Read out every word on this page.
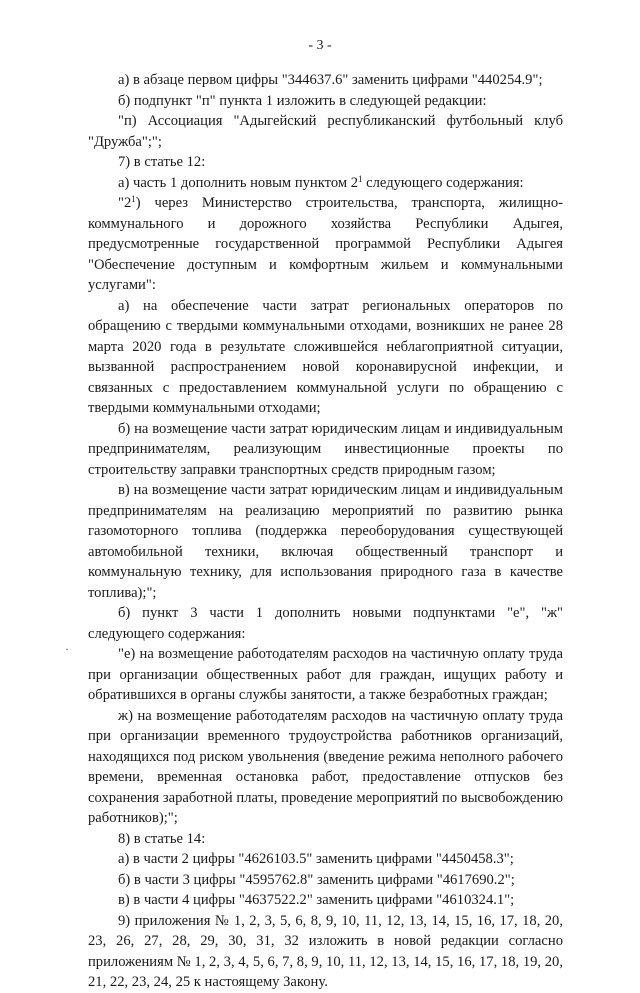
- 3 -
·

а) в абзаце первом цифры "344637.6" заменить цифрами "440254.9";

б) подпункт "п" пункта 1 изложить в следующей редакции:

"п) Ассоциация "Адыгейский республиканский футбольный клуб "Дружба";";

7) в статье 12:

а) часть 1 дополнить новым пунктом $2^1$ следующего содержания:

"$2^1$) через Министерство строительства, транспорта, жилищно-коммунального и дорожного хозяйства Республики Адыгея, предусмотренные государственной программой Республики Адыгея "Обеспечение доступным и комфортным жильем и коммунальными услугами":

а) на обеспечение части затрат региональных операторов по обращению с твердыми коммунальными отходами, возникших не ранее 28 марта 2020 года в результате сложившейся неблагоприятной ситуации, вызванной распространением новой коронавирусной инфекции, и связанных с предоставлением коммунальной услуги по обращению с твердыми коммунальными отходами;

б) на возмещение части затрат юридическим лицам и индивидуальным предпринимателям, реализующим инвестиционные проекты по строительству заправки транспортных средств природным газом;

в) на возмещение части затрат юридическим лицам и индивидуальным предпринимателям на реализацию мероприятий по развитию рынка газомоторного топлива (поддержка переоборудования существующей автомобильной техники, включая общественный транспорт и коммунальную технику, для использования природного газа в качестве топлива);";

б) пункт 3 части 1 дополнить новыми подпунктами "е", "ж" следующего содержания:

"е) на возмещение работодателям расходов на частичную оплату труда при организации общественных работ для граждан, ищущих работу и обратившихся в органы службы занятости, а также безработных граждан;

ж) на возмещение работодателям расходов на частичную оплату труда при организации временного трудоустройства работников организаций, находящихся под риском увольнения (введение режима неполного рабочего времени, временная остановка работ, предоставление отпусков без сохранения заработной платы, проведение мероприятий по высвобождению работников);";

8) в статье 14:

а) в части 2 цифры "4626103.5" заменить цифрами "4450458.3";

б) в части 3 цифры "4595762.8" заменить цифрами "4617690.2";

в) в части 4 цифры "4637522.2" заменить цифрами "4610324.1";

9) приложения № 1, 2, 3, 5, 6, 8, 9, 10, 11, 12, 13, 14, 15, 16, 17, 18, 20, 23, 26, 27, 28, 29, 30, 31, 32 изложить в новой редакции согласно приложениям № 1, 2, 3, 4, 5, 6, 7, 8, 9, 10, 11, 12, 13, 14, 15, 16, 17, 18, 19, 20, 21, 22, 23, 24, 25 к настоящему Закону.
